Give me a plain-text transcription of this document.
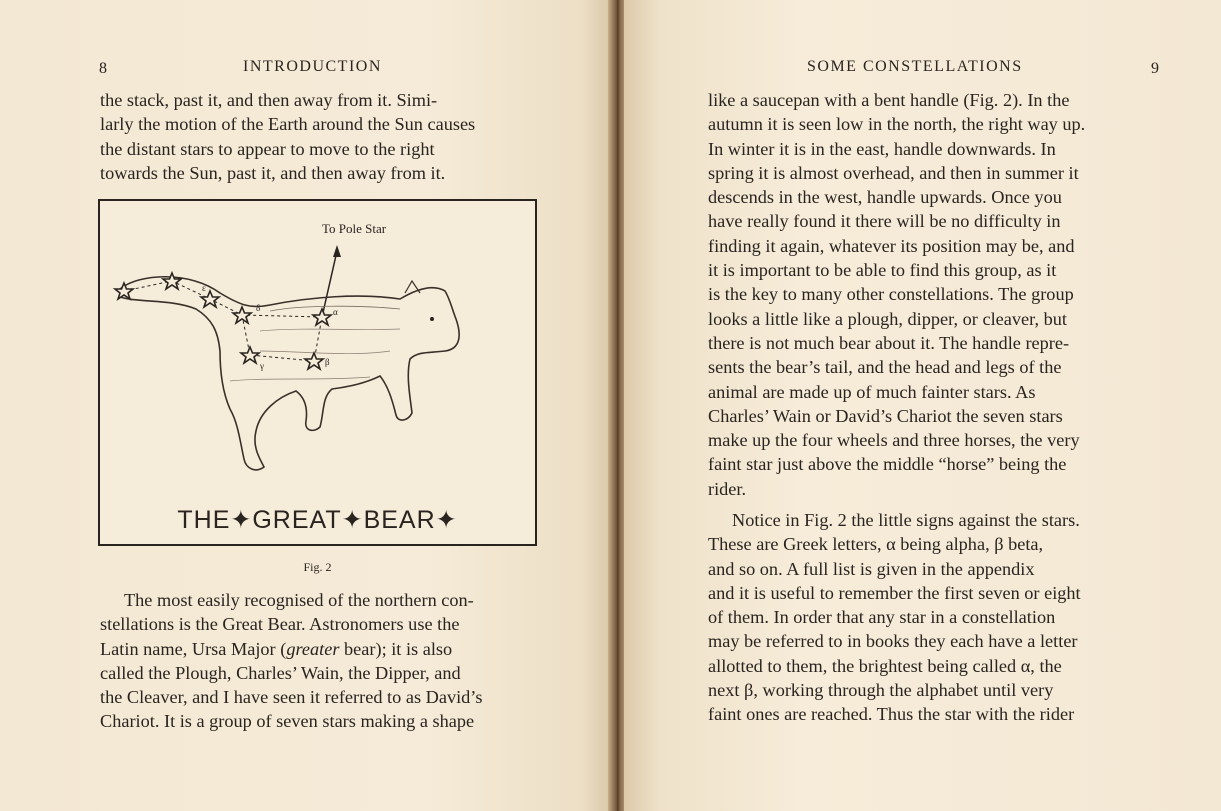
8	INTRODUCTION
the stack, past it, and then away from it. Simi-
larly the motion of the Earth around the Sun causes
the distant stars to appear to move to the right
towards the Sun, past it, and then away from it.
To Pole Star
ε
δ	α
γ	β
THE✦GREAT✦BEAR✦
Fig. 2
The most easily recognised of the northern con-
stellations is the Great Bear. Astronomers use the
Latin name, Ursa Major (greater bear); it is also
called the Plough, Charles’ Wain, the Dipper, and
the Cleaver, and I have seen it referred to as David’s
Chariot. It is a group of seven stars making a shape
SOME CONSTELLATIONS	9
like a saucepan with a bent handle (Fig. 2). In the
autumn it is seen low in the north, the right way up.
In winter it is in the east, handle downwards. In
spring it is almost overhead, and then in summer it
descends in the west, handle upwards. Once you
have really found it there will be no difficulty in
finding it again, whatever its position may be, and
it is important to be able to find this group, as it
is the key to many other constellations. The group
looks a little like a plough, dipper, or cleaver, but
there is not much bear about it. The handle repre-
sents the bear’s tail, and the head and legs of the
animal are made up of much fainter stars. As
Charles’ Wain or David’s Chariot the seven stars
make up the four wheels and three horses, the very
faint star just above the middle “horse” being the
rider.
Notice in Fig. 2 the little signs against the stars.
These are Greek letters, α being alpha, β beta,
and so on. A full list is given in the appendix
and it is useful to remember the first seven or eight
of them. In order that any star in a constellation
may be referred to in books they each have a letter
allotted to them, the brightest being called α, the
next β, working through the alphabet until very
faint ones are reached. Thus the star with the rider
